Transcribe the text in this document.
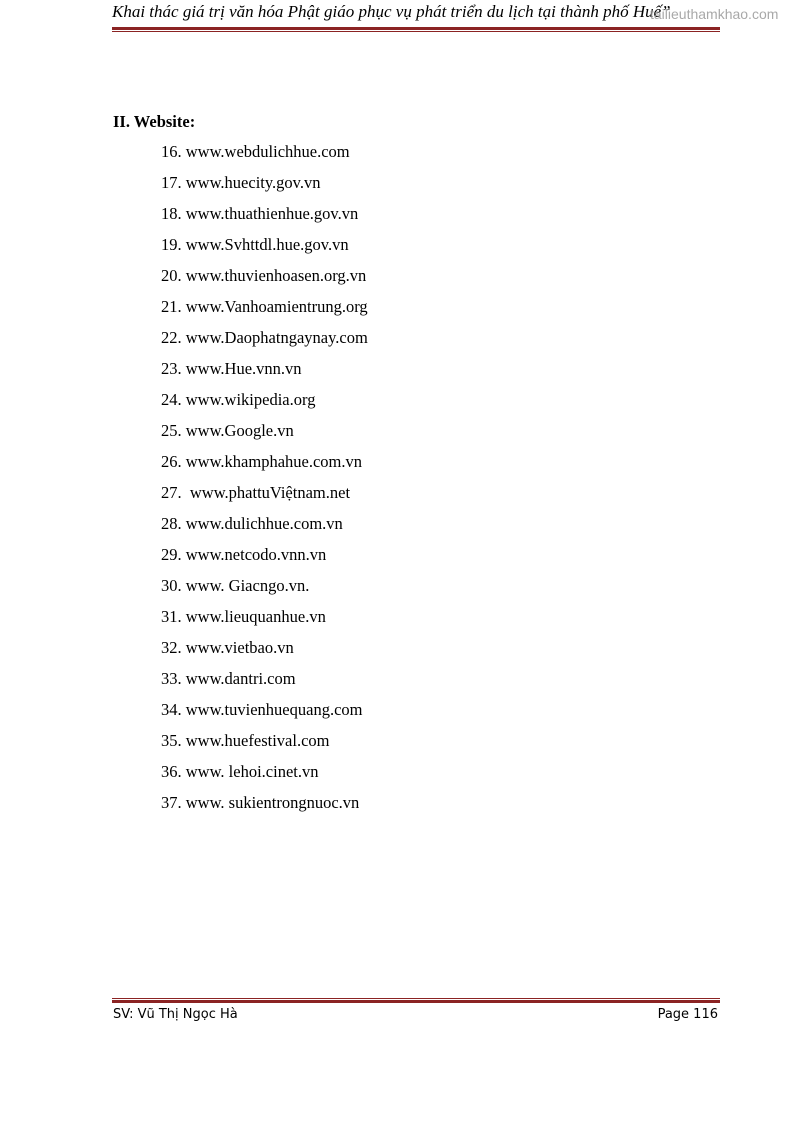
Khai thác giá trị văn hóa Phật giáo phục vụ phát triển du lịch tại thành phố Huế”
tailieuthamkhao.com
II. Website:
16. www.webdulichhue.com
17. www.huecity.gov.vn
18. www.thuathienhue.gov.vn
19. www.Svhttdl.hue.gov.vn
20. www.thuvienhoasen.org.vn
21. www.Vanhoamientrung.org
22. www.Daophatngaynay.com
23. www.Hue.vnn.vn
24. www.wikipedia.org
25. www.Google.vn
26. www.khamphahue.com.vn
27.  www.phattuViệtnam.net
28. www.dulichhue.com.vn
29. www.netcodo.vnn.vn
30. www. Giacngo.vn.
31. www.lieuquanhue.vn
32. www.vietbao.vn
33. www.dantri.com
34. www.tuvienhuequang.com
35. www.huefestival.com
36. www. lehoi.cinet.vn
37. www. sukientrongnuoc.vn
SV: Vũ Thị Ngọc Hà	Page 116
